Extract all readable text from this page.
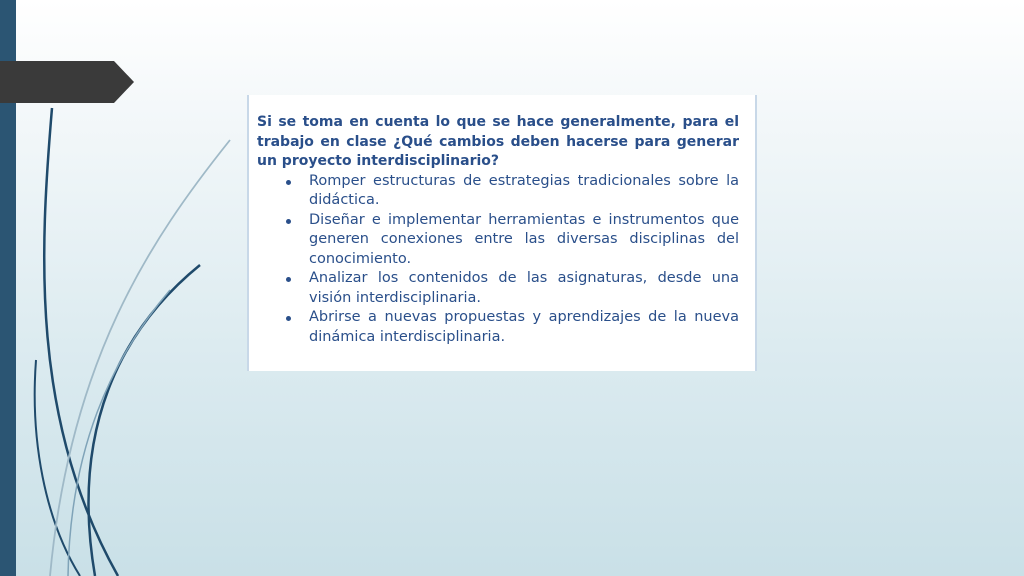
Si se toma en cuenta lo que se hace generalmente, para el trabajo en clase ¿Qué cambios deben hacerse para generar un proyecto interdisciplinario?

Romper estructuras de estrategias tradicionales sobre la didáctica.
Diseñar e implementar herramientas e instrumentos que generen conexiones entre las diversas disciplinas del conocimiento.
Analizar los contenidos de las asignaturas, desde una visión interdisciplinaria.
Abrirse a nuevas propuestas y aprendizajes de la nueva dinámica interdisciplinaria.
